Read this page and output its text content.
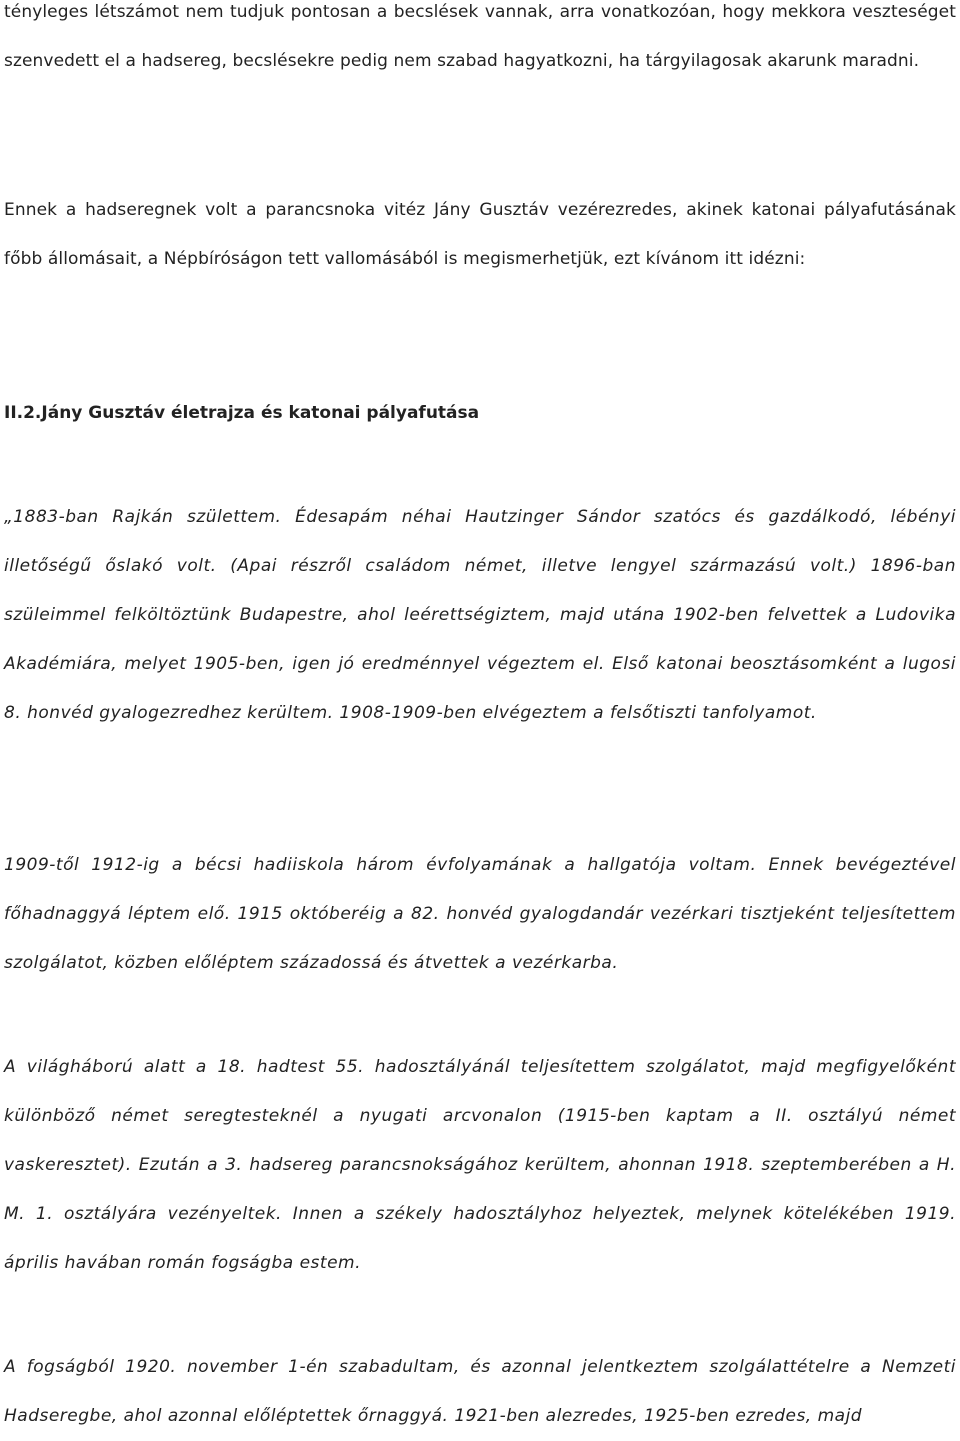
tényleges létszámot nem tudjuk pontosan a becslések vannak, arra vonatkozóan, hogy mekkora veszteséget szenvedett el a hadsereg, becslésekre pedig nem szabad hagyatkozni, ha tárgyilagosak akarunk maradni.

Ennek a hadseregnek volt a parancsnoka vitéz Jány Gusztáv vezérezredes, akinek katonai pályafutásának főbb állomásait, a Népbíróságon tett vallomásából is megismerhetjük, ezt kívánom itt idézni:

II.2.Jány Gusztáv életrajza és katonai pályafutása

„1883-ban Rajkán születtem. Édesapám néhai Hautzinger Sándor szatócs és gazdálkodó, lébényi illetőségű őslakó volt. (Apai részről családom német, illetve lengyel származású volt.) 1896-ban szüleimmel felköltöztünk Budapestre, ahol leérettségiztem, majd utána 1902-ben felvettek a Ludovika Akadémiára, melyet 1905-ben, igen jó eredménnyel végeztem el. Első katonai beosztásomként a lugosi 8. honvéd gyalogezredhez kerültem. 1908-1909-ben elvégeztem a felsőtiszti tanfolyamot.

1909-től 1912-ig a bécsi hadiiskola három évfolyamának a hallgatója voltam. Ennek bevégeztével főhadnaggyá léptem elő. 1915 októberéig a 82. honvéd gyalogdandár vezérkari tisztjeként teljesítettem szolgálatot, közben előléptem századossá és átvettek a vezérkarba.

A világháború alatt a 18. hadtest 55. hadosztályánál teljesítettem szolgálatot, majd megfigyelőként különböző német seregtesteknél a nyugati arcvonalon (1915-ben kaptam a II. osztályú német vaskeresztet). Ezután a 3. hadsereg parancsnokságához kerültem, ahonnan 1918. szeptemberében a H. M. 1. osztályára vezényeltek. Innen a székely hadosztályhoz helyeztek, melynek kötelékében 1919. április havában román fogságba estem.

A fogságból 1920. november 1-én szabadultam, és azonnal jelentkeztem szolgálattételre a Nemzeti Hadseregbe, ahol azonnal előléptettek őrnaggyá. 1921-ben alezredes, 1925-ben ezredes, majd
